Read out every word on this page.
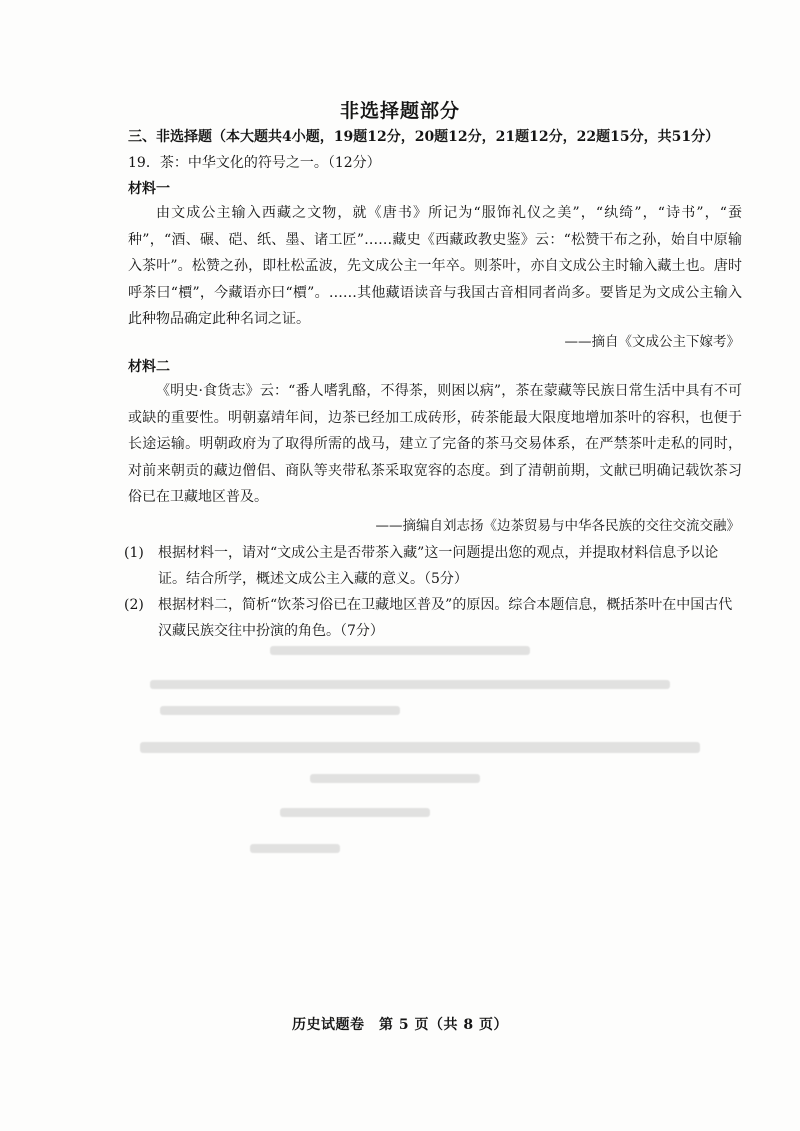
非选择题部分
三、非选择题（本大题共4小题，19题12分，20题12分，21题12分，22题15分，共51分）
19．茶：中华文化的符号之一。（12分）
材料一
由文成公主输入西藏之文物，就《唐书》所记为“服饰礼仪之美”，“纨绮”，“诗书”，“蚕种”，“酒、碾、硙、纸、墨、诸工匠”……藏史《西藏政教史鉴》云：“松赞干布之孙，始自中原输入茶叶”。松赞之孙，即杜松孟波，先文成公主一年卒。则茶叶，亦自文成公主时输入藏土也。唐时呼茶曰“檟”，今藏语亦曰“檟”。……其他藏语读音与我国古音相同者尚多。要皆足为文成公主输入此种物品确定此种名词之证。
——摘自《文成公主下嫁考》
材料二
《明史·食货志》云：“番人嗜乳酪，不得茶，则困以病”，茶在蒙藏等民族日常生活中具有不可或缺的重要性。明朝嘉靖年间，边茶已经加工成砖形，砖茶能最大限度地增加茶叶的容积，也便于长途运输。明朝政府为了取得所需的战马，建立了完备的茶马交易体系，在严禁茶叶走私的同时，对前来朝贡的藏边僧侣、商队等夹带私茶采取宽容的态度。到了清朝前期，文献已明确记载饮茶习俗已在卫藏地区普及。
——摘编自刘志扬《边茶贸易与中华各民族的交往交流交融》
(1) 根据材料一，请对“文成公主是否带茶入藏”这一问题提出您的观点，并提取材料信息予以论证。结合所学，概述文成公主入藏的意义。（5分）
(2) 根据材料二，简析“饮茶习俗已在卫藏地区普及”的原因。综合本题信息，概括茶叶在中国古代汉藏民族交往中扮演的角色。（7分）
历史试题卷　第 5 页（共 8 页）
